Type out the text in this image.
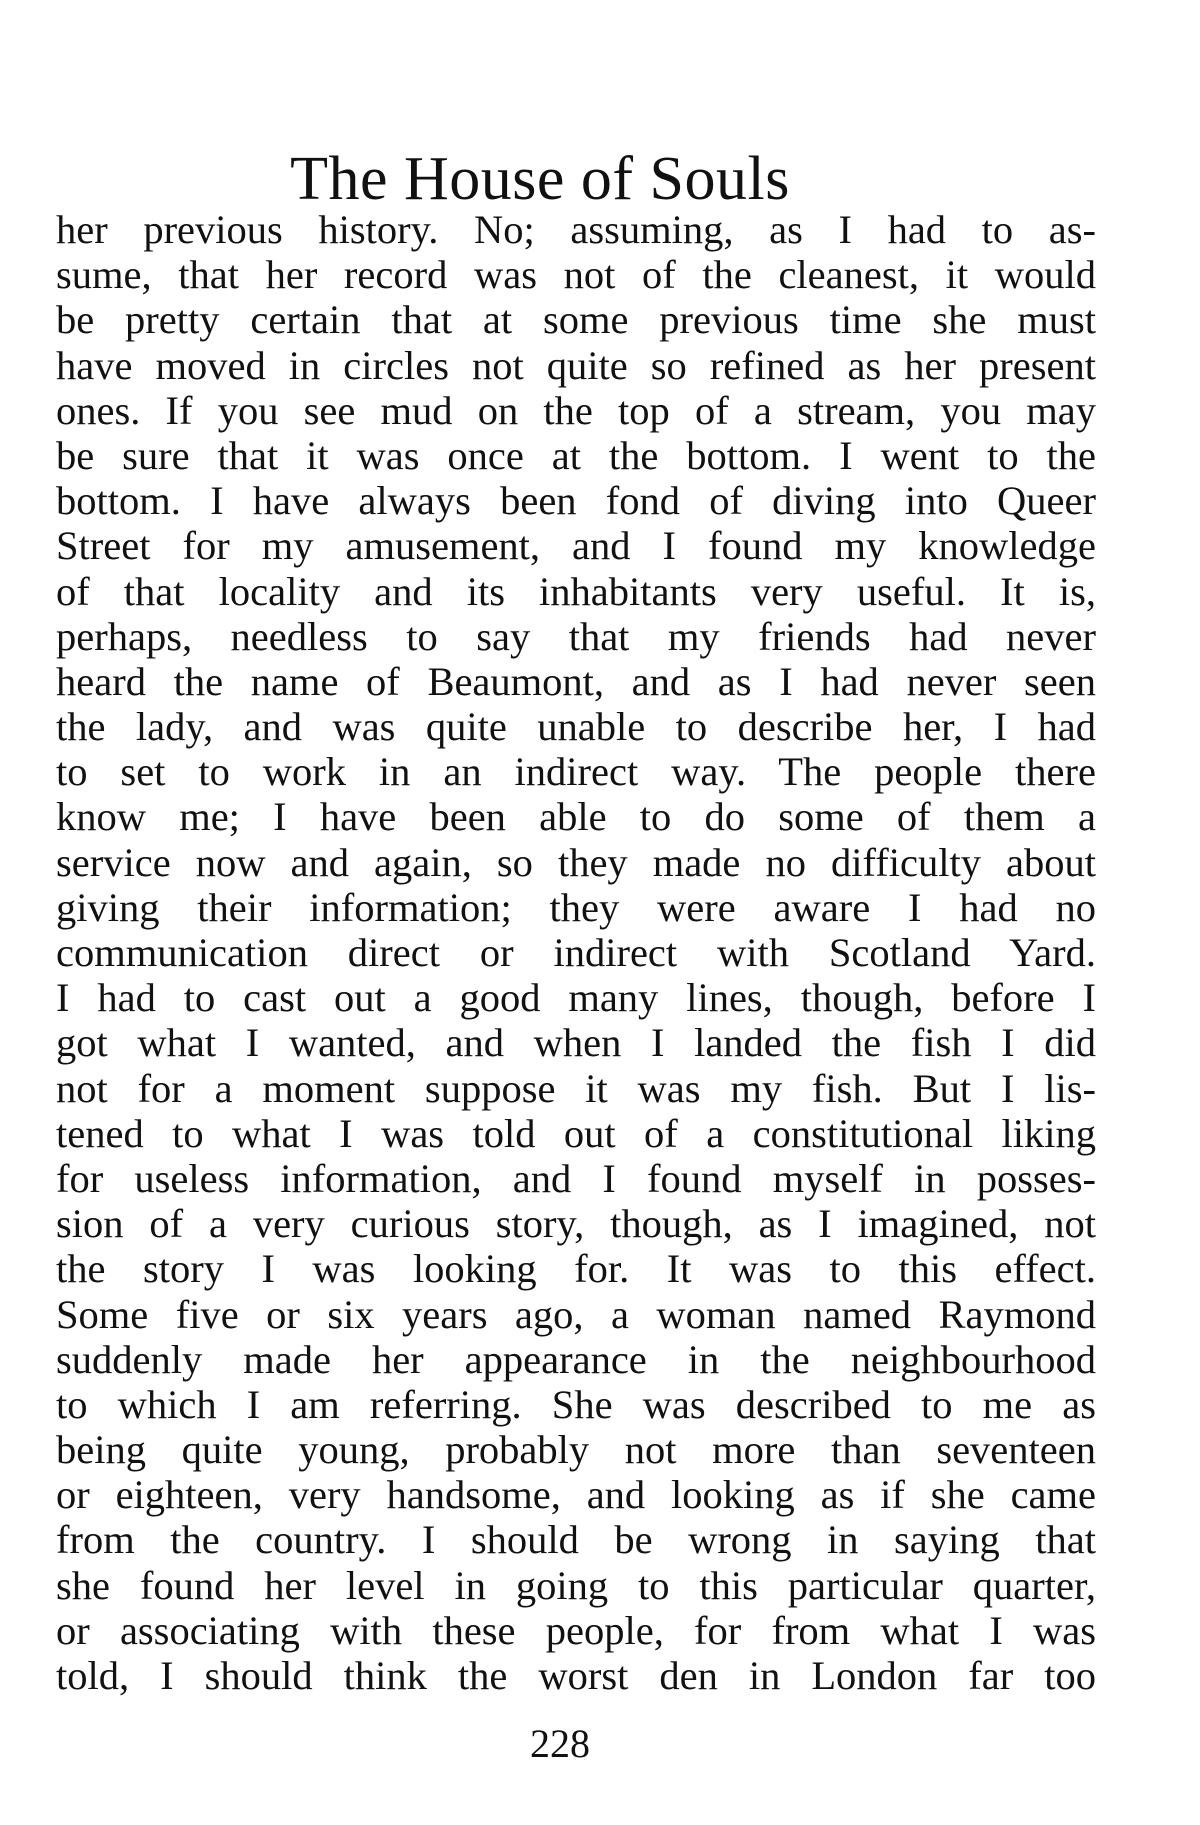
The House of Souls
her previous history. No; assuming, as I had to as-
sume, that her record was not of the cleanest, it would
be pretty certain that at some previous time she must
have moved in circles not quite so refined as her present
ones. If you see mud on the top of a stream, you may
be sure that it was once at the bottom. I went to the
bottom. I have always been fond of diving into Queer
Street for my amusement, and I found my knowledge
of that locality and its inhabitants very useful. It is,
perhaps, needless to say that my friends had never
heard the name of Beaumont, and as I had never seen
the lady, and was quite unable to describe her, I had
to set to work in an indirect way. The people there
know me; I have been able to do some of them a
service now and again, so they made no difficulty about
giving their information; they were aware I had no
communication direct or indirect with Scotland Yard.
I had to cast out a good many lines, though, before I
got what I wanted, and when I landed the fish I did
not for a moment suppose it was my fish. But I lis-
tened to what I was told out of a constitutional liking
for useless information, and I found myself in posses-
sion of a very curious story, though, as I imagined, not
the story I was looking for. It was to this effect.
Some five or six years ago, a woman named Raymond
suddenly made her appearance in the neighbourhood
to which I am referring. She was described to me as
being quite young, probably not more than seventeen
or eighteen, very handsome, and looking as if she came
from the country. I should be wrong in saying that
she found her level in going to this particular quarter,
or associating with these people, for from what I was
told, I should think the worst den in London far too
228
